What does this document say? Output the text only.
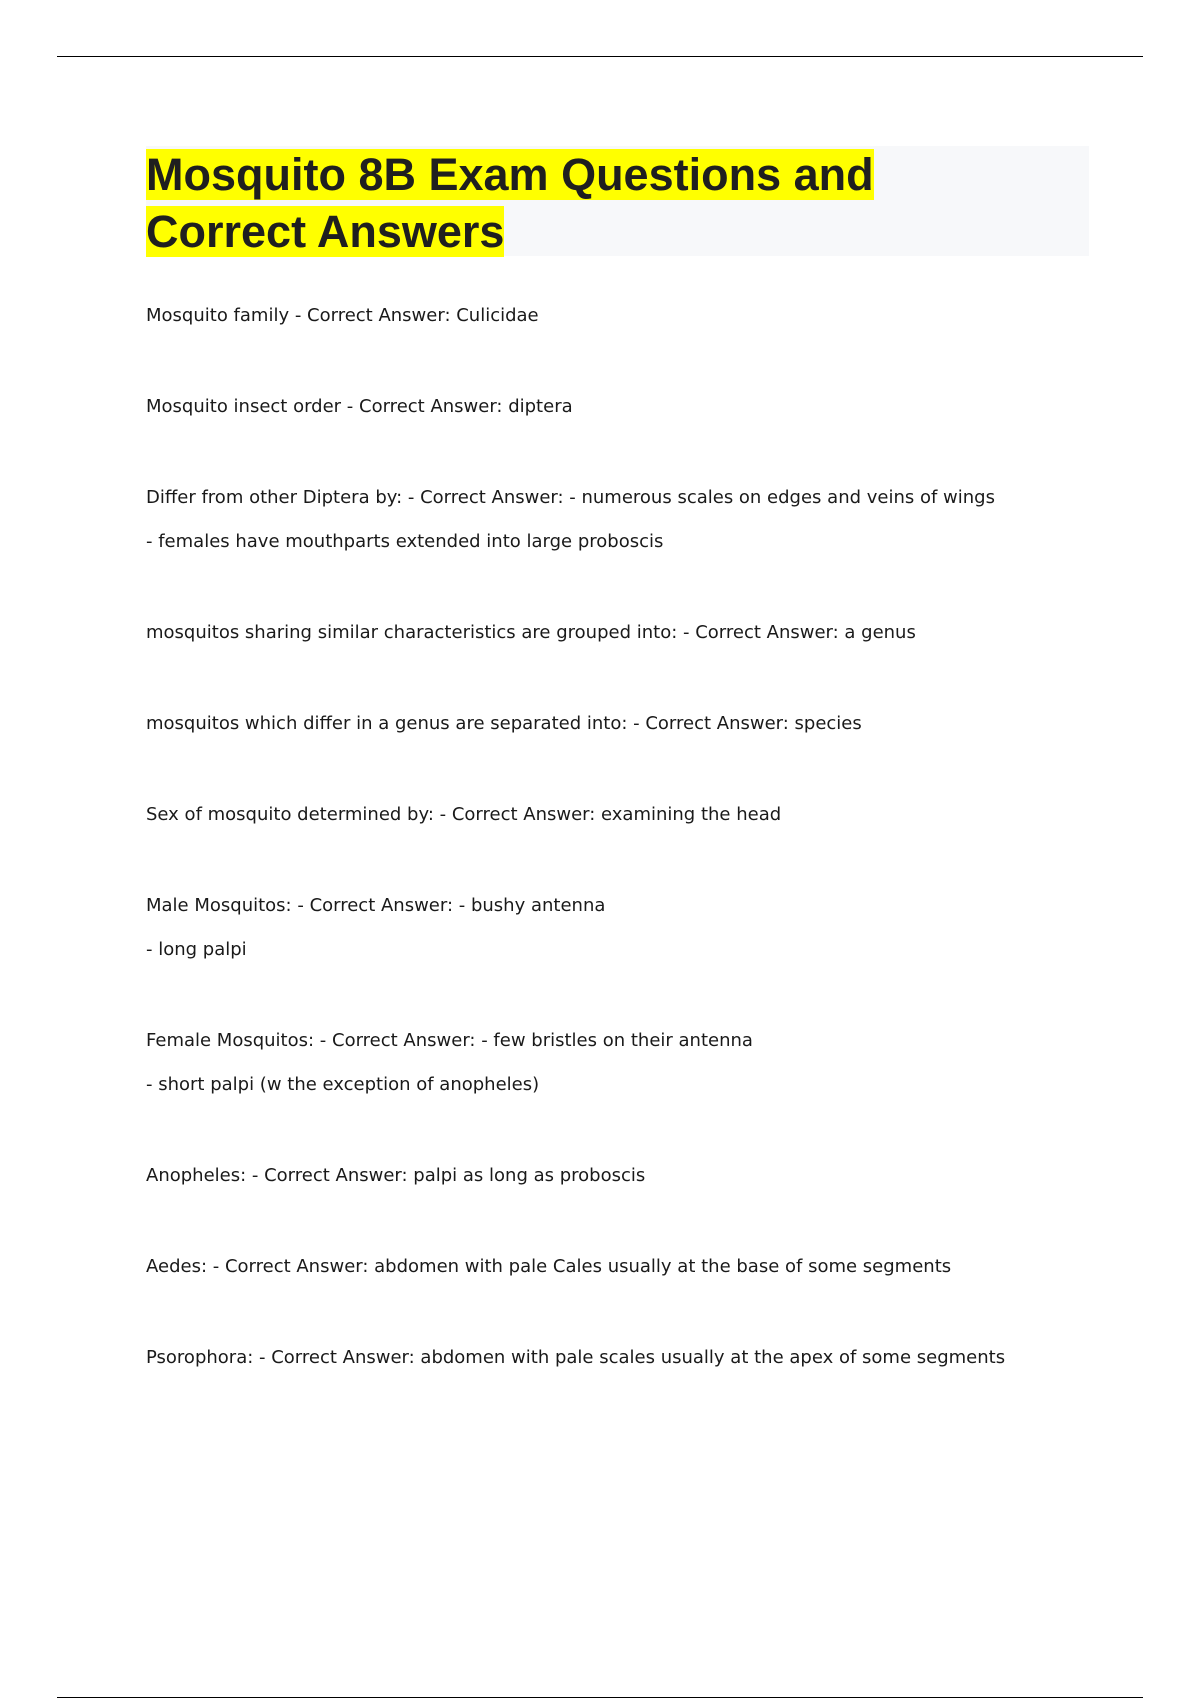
Mosquito 8B Exam Questions and Correct Answers
Mosquito family - Correct Answer: Culicidae
Mosquito insect order - Correct Answer: diptera
Differ from other Diptera by: - Correct Answer: - numerous scales on edges and veins of wings
- females have mouthparts extended into large proboscis
mosquitos sharing similar characteristics are grouped into: - Correct Answer: a genus
mosquitos which differ in a genus are separated into: - Correct Answer: species
Sex of mosquito determined by: - Correct Answer: examining the head
Male Mosquitos: - Correct Answer: - bushy antenna
- long palpi
Female Mosquitos: - Correct Answer: - few bristles on their antenna
- short palpi (w the exception of anopheles)
Anopheles: - Correct Answer: palpi as long as proboscis
Aedes: - Correct Answer: abdomen with pale Cales usually at the base of some segments
Psorophora: - Correct Answer: abdomen with pale scales usually at the apex of some segments
